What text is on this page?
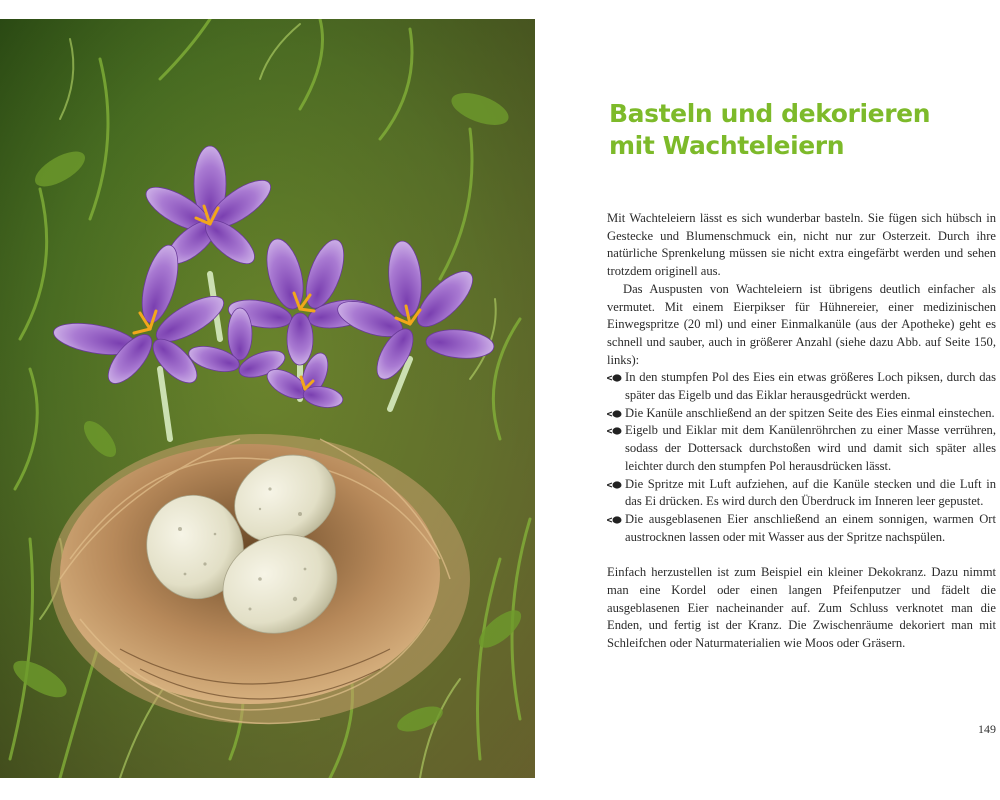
Basteln und dekorieren
mit Wachteleiern

Mit Wachteleiern lässt es sich wunderbar basteln. Sie fügen sich hübsch in Gestecke und Blumenschmuck ein, nicht nur zur Osterzeit. Durch ihre natürliche Sprenkelung müssen sie nicht extra eingefärbt werden und sehen trotzdem originell aus.

Das Auspusten von Wachteleiern ist übrigens deutlich einfacher als vermutet. Mit einem Eierpikser für Hühnereier, einer medizinischen Einwegspritze (20 ml) und einer Einmalkanüle (aus der Apotheke) geht es schnell und sauber, auch in größerer Anzahl (siehe dazu Abb. auf Seite 150, links):

In den stumpfen Pol des Eies ein etwas größeres Loch piksen, durch das später das Eigelb und das Eiklar herausgedrückt werden.
Die Kanüle anschließend an der spitzen Seite des Eies einmal einstechen.
Eigelb und Eiklar mit dem Kanülenröhrchen zu einer Masse verrühren, sodass der Dottersack durchstoßen wird und damit sich später alles leichter durch den stumpfen Pol herausdrücken lässt.
Die Spritze mit Luft aufziehen, auf die Kanüle stecken und die Luft in das Ei drücken. Es wird durch den Überdruck im Inneren leer gepustet.
Die ausgeblasenen Eier anschließend an einem sonnigen, warmen Ort austrocknen lassen oder mit Wasser aus der Spritze nachspülen.

Einfach herzustellen ist zum Beispiel ein kleiner Dekokranz. Dazu nimmt man eine Kordel oder einen langen Pfeifenputzer und fädelt die ausgeblasenen Eier nacheinander auf. Zum Schluss verknotet man die Enden, und fertig ist der Kranz. Die Zwischenräume dekoriert man mit Schleifchen oder Naturmaterialien wie Moos oder Gräsern.

149
